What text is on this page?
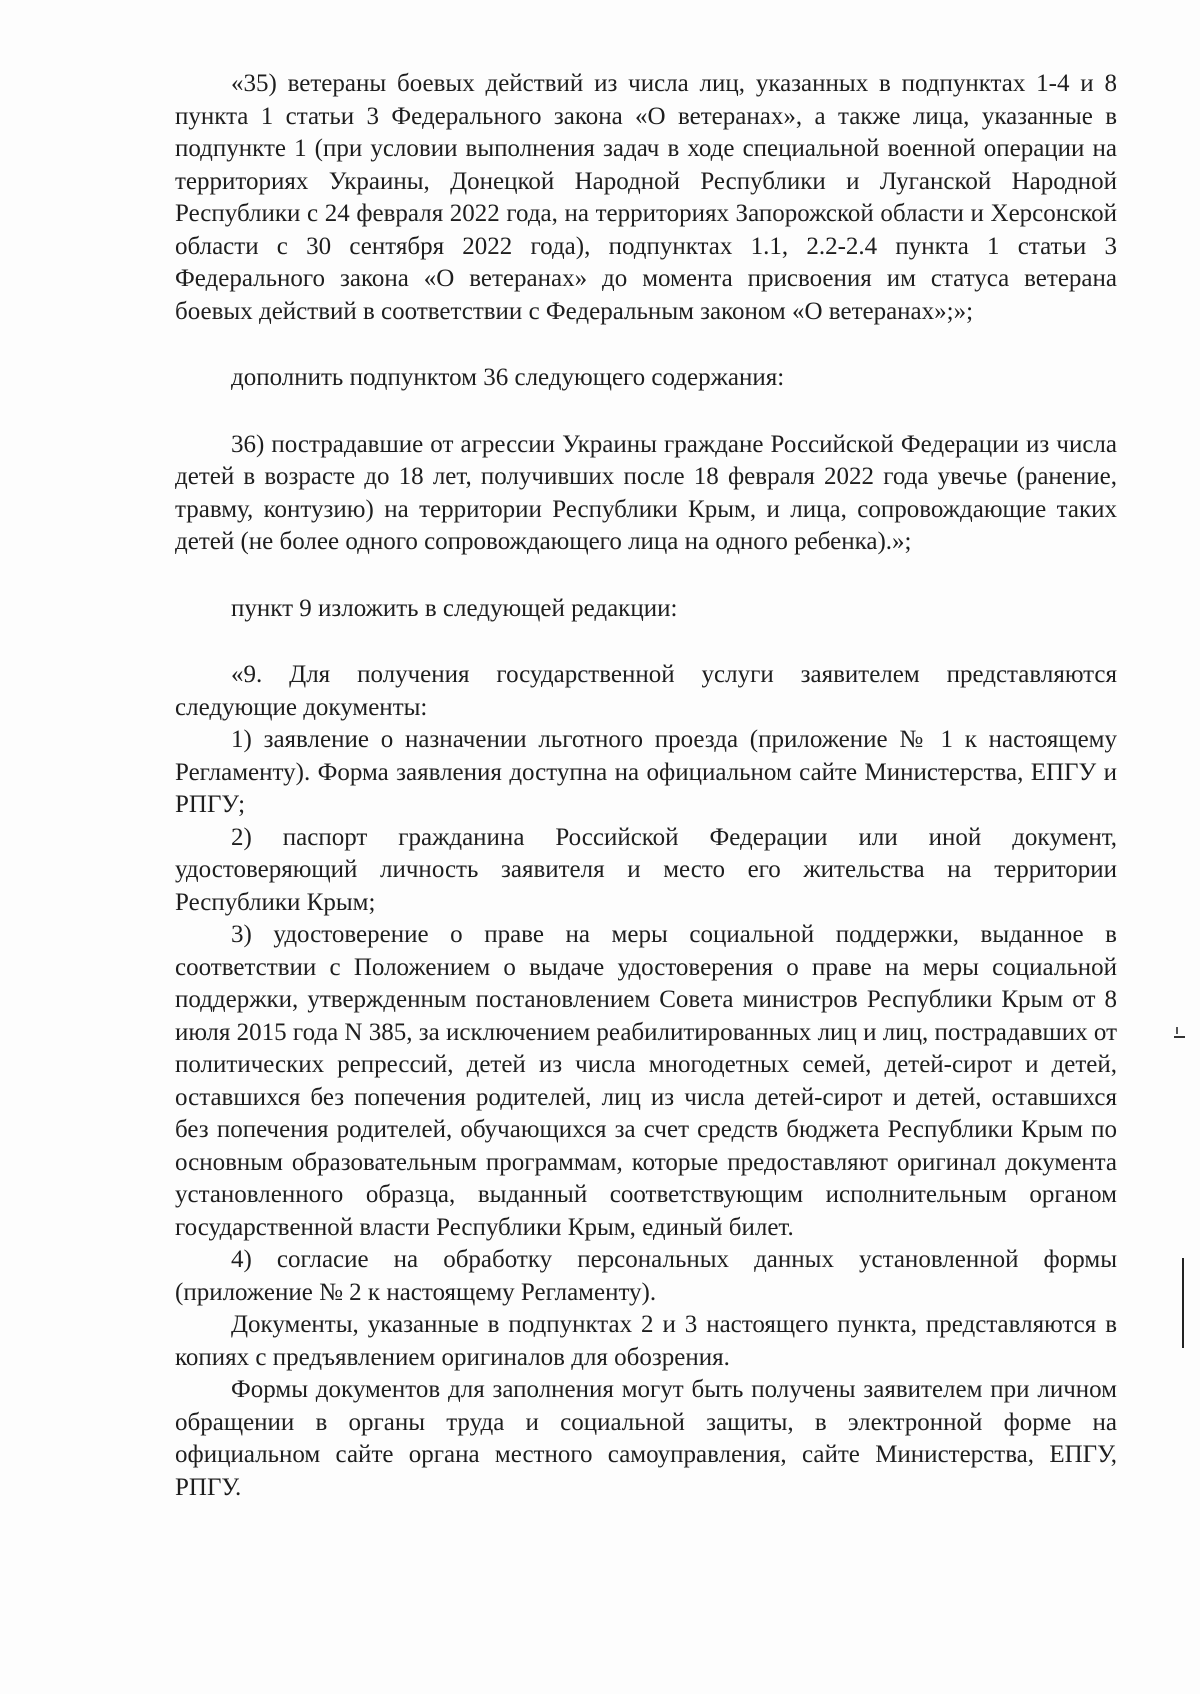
«35) ветераны боевых действий из числа лиц, указанных в подпунктах 1-4 и 8 пункта 1 статьи 3 Федерального закона «О ветеранах», а также лица, указанные в подпункте 1 (при условии выполнения задач в ходе специальной военной операции на территориях Украины, Донецкой Народной Республики и Луганской Народной Республики с 24 февраля 2022 года, на территориях Запорожской области и Херсонской области с 30 сентября 2022 года), подпунктах 1.1, 2.2-2.4 пункта 1 статьи 3 Федерального закона «О ветеранах» до момента присвоения им статуса ветерана боевых действий в соответствии с Федеральным законом «О ветеранах»;»;

дополнить подпунктом 36 следующего содержания:

36) пострадавшие от агрессии Украины граждане Российской Федерации из числа детей в возрасте до 18 лет, получивших после 18 февраля 2022 года увечье (ранение, травму, контузию) на территории Республики Крым, и лица, сопровождающие таких детей (не более одного сопровождающего лица на одного ребенка).»;

пункт 9 изложить в следующей редакции:

«9. Для получения государственной услуги заявителем представляются следующие документы:

1) заявление о назначении льготного проезда (приложение № 1 к настоящему Регламенту). Форма заявления доступна на официальном сайте Министерства, ЕПГУ и РПГУ;

2) паспорт гражданина Российской Федерации или иной документ, удостоверяющий личность заявителя и место его жительства на территории Республики Крым;

3) удостоверение о праве на меры социальной поддержки, выданное в соответствии с Положением о выдаче удостоверения о праве на меры социальной поддержки, утвержденным постановлением Совета министров Республики Крым от 8 июля 2015 года N 385, за исключением реабилитированных лиц и лиц, пострадавших от политических репрессий, детей из числа многодетных семей, детей-сирот и детей, оставшихся без попечения родителей, лиц из числа детей-сирот и детей, оставшихся без попечения родителей, обучающихся за счет средств бюджета Республики Крым по основным образовательным программам, которые предоставляют оригинал документа установленного образца, выданный соответствующим исполнительным органом государственной власти Республики Крым, единый билет.

4) согласие на обработку персональных данных установленной формы (приложение № 2 к настоящему Регламенту).

Документы, указанные в подпунктах 2 и 3 настоящего пункта, представляются в копиях с предъявлением оригиналов для обозрения.

Формы документов для заполнения могут быть получены заявителем при личном обращении в органы труда и социальной защиты, в электронной форме на официальном сайте органа местного самоуправления, сайте Министерства, ЕПГУ, РПГУ.
